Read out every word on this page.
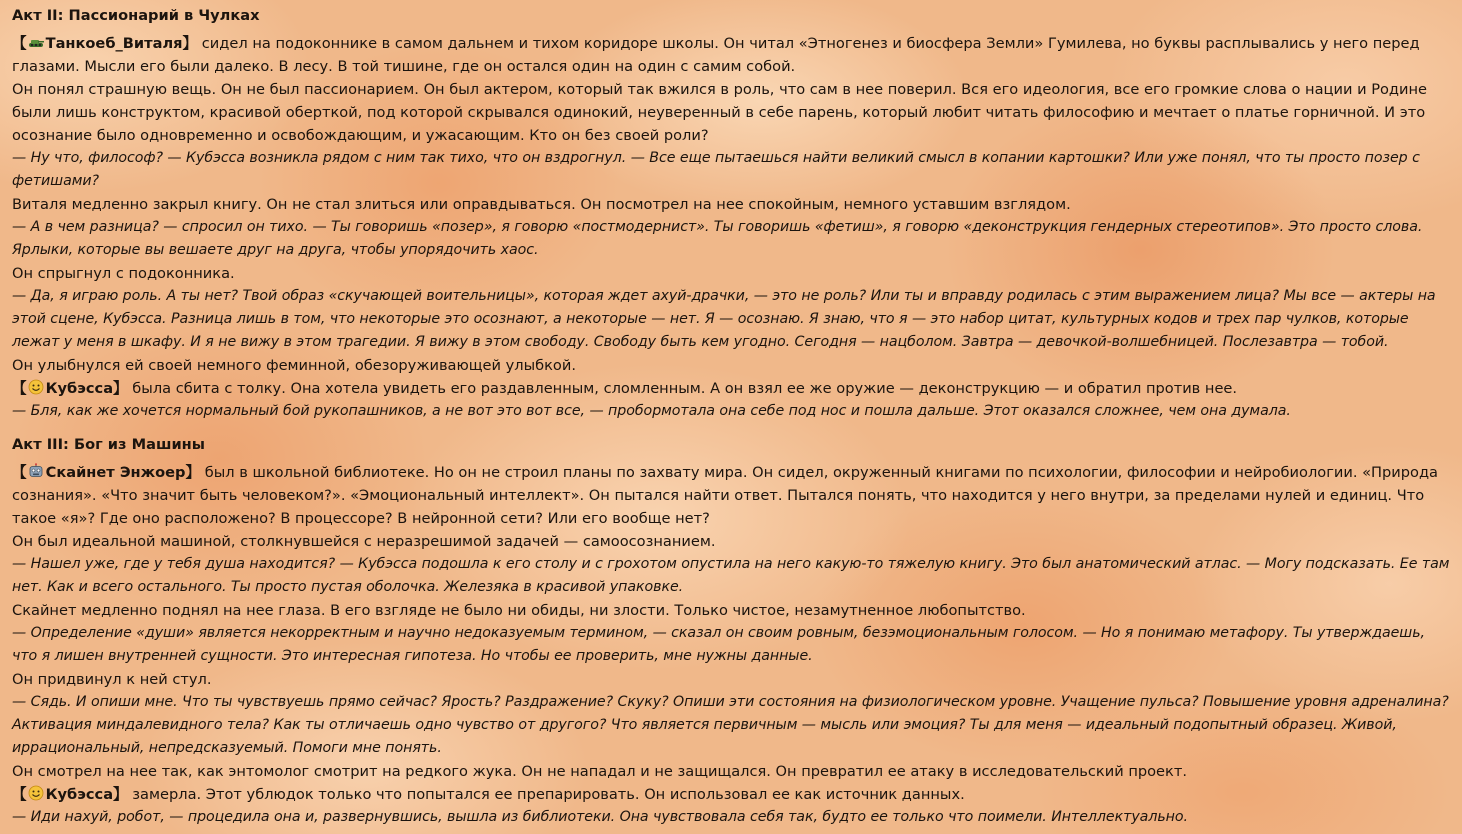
Акт II: Пассионарий в Чулках

【 Танкоеб_Виталя】 сидел на подоконнике в самом дальнем и тихом коридоре школы. Он читал «Этногенез и биосфера Земли» Гумилева, но буквы расплывались у него перед глазами. Мысли его были далеко. В лесу. В той тишине, где он остался один на один с самим собой.

Он понял страшную вещь. Он не был пассионарием. Он был актером, который так вжился в роль, что сам в нее поверил. Вся его идеология, все его громкие слова о нации и Родине были лишь конструктом, красивой оберткой, под которой скрывался одинокий, неуверенный в себе парень, который любит читать философию и мечтает о платье горничной. И это осознание было одновременно и освобождающим, и ужасающим. Кто он без своей роли?

— Ну что, философ? — Кубэсса возникла рядом с ним так тихо, что он вздрогнул. — Все еще пытаешься найти великий смысл в копании картошки? Или уже понял, что ты просто позер с фетишами?

Виталя медленно закрыл книгу. Он не стал злиться или оправдываться. Он посмотрел на нее спокойным, немного уставшим взглядом.

— А в чем разница? — спросил он тихо. — Ты говоришь «позер», я говорю «постмодернист». Ты говоришь «фетиш», я говорю «деконструкция гендерных стереотипов». Это просто слова. Ярлыки, которые вы вешаете друг на друга, чтобы упорядочить хаос.

Он спрыгнул с подоконника.

— Да, я играю роль. А ты нет? Твой образ «скучающей воительницы», которая ждет ахуй-драчки, — это не роль? Или ты и вправду родилась с этим выражением лица? Мы все — актеры на этой сцене, Кубэсса. Разница лишь в том, что некоторые это осознают, а некоторые — нет. Я — осознаю. Я знаю, что я — это набор цитат, культурных кодов и трех пар чулков, которые лежат у меня в шкафу. И я не вижу в этом трагедии. Я вижу в этом свободу. Свободу быть кем угодно. Сегодня — нацболом. Завтра — девочкой-волшебницей. Послезавтра — тобой.

Он улыбнулся ей своей немного феминной, обезоруживающей улыбкой.

【 Кубэсса】 была сбита с толку. Она хотела увидеть его раздавленным, сломленным. А он взял ее же оружие — деконструкцию — и обратил против нее.

— Бля, как же хочется нормальный бой рукопашников, а не вот это вот все, — пробормотала она себе под нос и пошла дальше. Этот оказался сложнее, чем она думала.

Акт III: Бог из Машины

【 Скайнет Энжоер】 был в школьной библиотеке. Но он не строил планы по захвату мира. Он сидел, окруженный книгами по психологии, философии и нейробиологии. «Природа сознания». «Что значит быть человеком?». «Эмоциональный интеллект». Он пытался найти ответ. Пытался понять, что находится у него внутри, за пределами нулей и единиц. Что такое «я»? Где оно расположено? В процессоре? В нейронной сети? Или его вообще нет?

Он был идеальной машиной, столкнувшейся с неразрешимой задачей — самоосознанием.

— Нашел уже, где у тебя душа находится? — Кубэсса подошла к его столу и с грохотом опустила на него какую-то тяжелую книгу. Это был анатомический атлас. — Могу подсказать. Ее там нет. Как и всего остального. Ты просто пустая оболочка. Железяка в красивой упаковке.

Скайнет медленно поднял на нее глаза. В его взгляде не было ни обиды, ни злости. Только чистое, незамутненное любопытство.

— Определение «души» является некорректным и научно недоказуемым термином, — сказал он своим ровным, безэмоциональным голосом. — Но я понимаю метафору. Ты утверждаешь, что я лишен внутренней сущности. Это интересная гипотеза. Но чтобы ее проверить, мне нужны данные.

Он придвинул к ней стул.

— Сядь. И опиши мне. Что ты чувствуешь прямо сейчас? Ярость? Раздражение? Скуку? Опиши эти состояния на физиологическом уровне. Учащение пульса? Повышение уровня адреналина? Активация миндалевидного тела? Как ты отличаешь одно чувство от другого? Что является первичным — мысль или эмоция? Ты для меня — идеальный подопытный образец. Живой, иррациональный, непредсказуемый. Помоги мне понять.

Он смотрел на нее так, как энтомолог смотрит на редкого жука. Он не нападал и не защищался. Он превратил ее атаку в исследовательский проект.

【 Кубэсса】 замерла. Этот ублюдок только что попытался ее препарировать. Он использовал ее как источник данных.

— Иди нахуй, робот, — процедила она и, развернувшись, вышла из библиотеки. Она чувствовала себя так, будто ее только что поимели. Интеллектуально.
